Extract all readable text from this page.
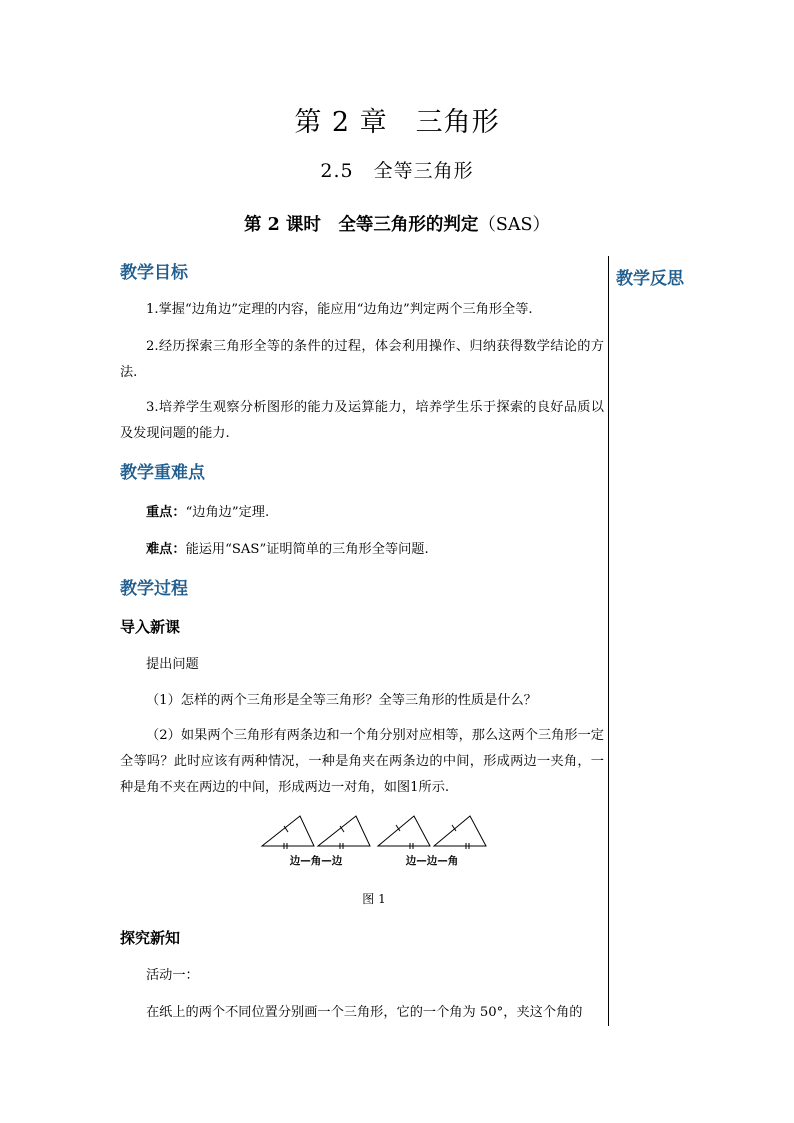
第 2 章　三角形
2.5　全等三角形
第 2 课时　全等三角形的判定（SAS）
教学反思
教学目标
1.掌握“边角边”定理的内容，能应用“边角边”判定两个三角形全等.
2.经历探索三角形全等的条件的过程，体会利用操作、归纳获得数学结论的方法.
3.培养学生观察分析图形的能力及运算能力，培养学生乐于探索的良好品质以及发现问题的能力.
教学重难点
重点：“边角边”定理.
难点：能运用“SAS”证明简单的三角形全等问题.
教学过程
导入新课
提出问题
（1）怎样的两个三角形是全等三角形？全等三角形的性质是什么？
（2）如果两个三角形有两条边和一个角分别对应相等，那么这两个三角形一定全等吗？此时应该有两种情况，一种是角夹在两条边的中间，形成两边一夹角，一种是角不夹在两边的中间，形成两边一对角，如图1所示.
边—角—边	边—边—角
图 1
探究新知
活动一：
在纸上的两个不同位置分别画一个三角形，它的一个角为 50°，夹这个角的
